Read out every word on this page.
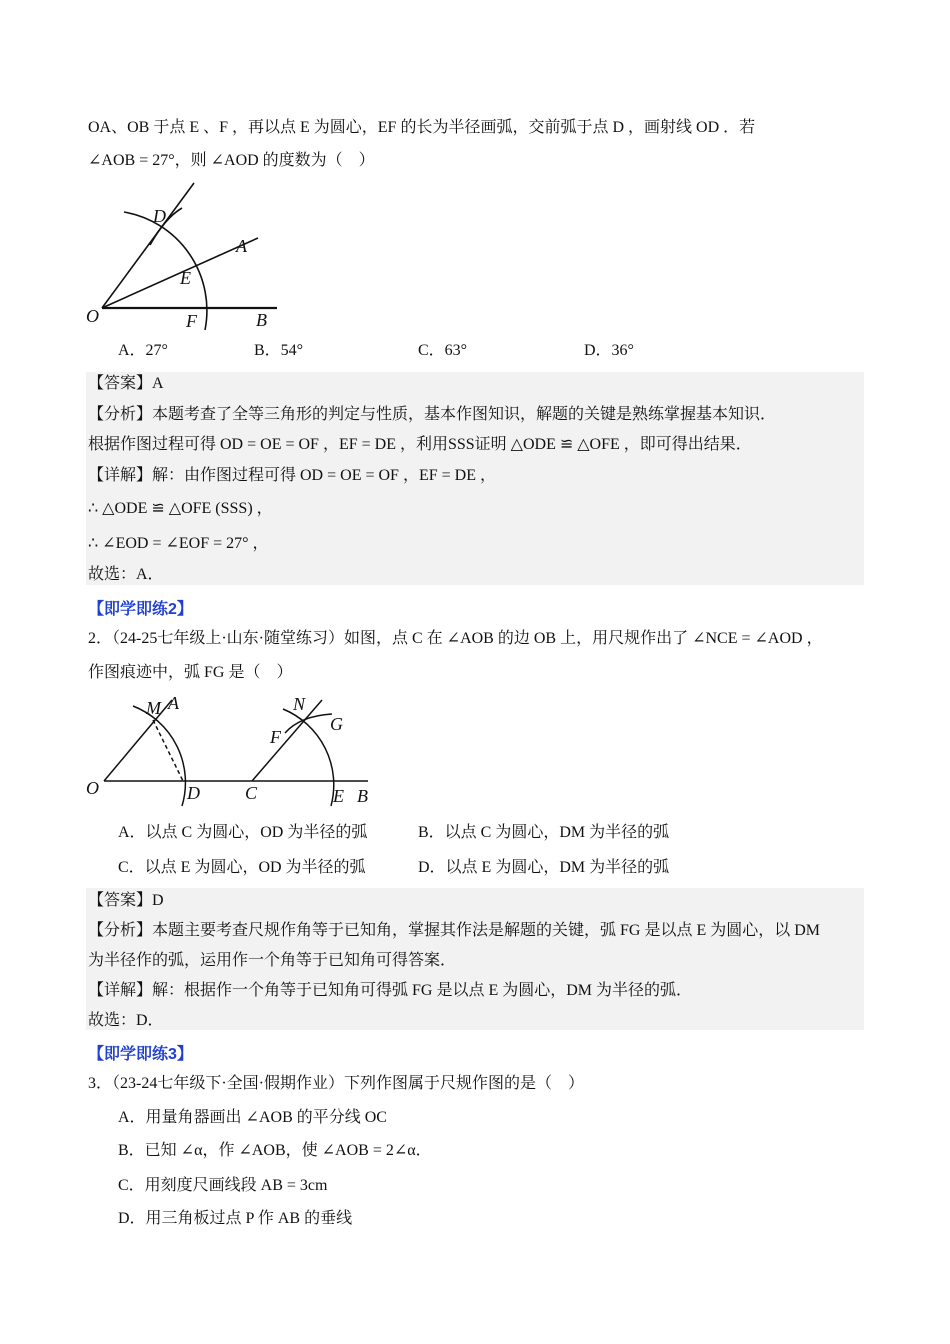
OA、OB 于点 E 、F ，再以点 E 为圆心，EF 的长为半径画弧，交前弧于点 D ，画射线 OD ．若
∠AOB = 27°，则 ∠AOD 的度数为（　）
D
A
E
O	F	B
M A
O	D	C
N
G
F
E B
A．27°	B．54°	C．63°	D．36°
【答案】A
【分析】本题考查了全等三角形的判定与性质，基本作图知识，解题的关键是熟练掌握基本知识．
根据作图过程可得 OD = OE = OF ，EF = DE ，利用SSS证明 △ODE ≌ △OFE ，即可得出结果．
【详解】解：由作图过程可得 OD = OE = OF ，EF = DE ，
∴ △ODE ≌ △OFE (SSS) ，
∴ ∠EOD = ∠EOF = 27° ，
故选：A．
【即学即练2】
2．（24-25七年级上·山东·随堂练习）如图，点 C 在 ∠AOB 的边 OB 上，用尺规作出了 ∠NCE = ∠AOD ，
作图痕迹中，弧 FG 是（　）
A．以点 C 为圆心，OD 为半径的弧	B．以点 C 为圆心，DM 为半径的弧
C．以点 E 为圆心，OD 为半径的弧	D．以点 E 为圆心，DM 为半径的弧
【答案】D
【分析】本题主要考查尺规作角等于已知角，掌握其作法是解题的关键，弧 FG 是以点 E 为圆心，以 DM
为半径作的弧，运用作一个角等于已知角可得答案．
【详解】解：根据作一个角等于已知角可得弧 FG 是以点 E 为圆心，DM 为半径的弧．
故选：D．
【即学即练3】
3．（23-24七年级下·全国·假期作业）下列作图属于尺规作图的是（　）
A．用量角器画出 ∠AOB 的平分线 OC
B．已知 ∠α，作 ∠AOB，使 ∠AOB = 2∠α．
C．用刻度尺画线段 AB = 3cm
D．用三角板过点 P 作 AB 的垂线
